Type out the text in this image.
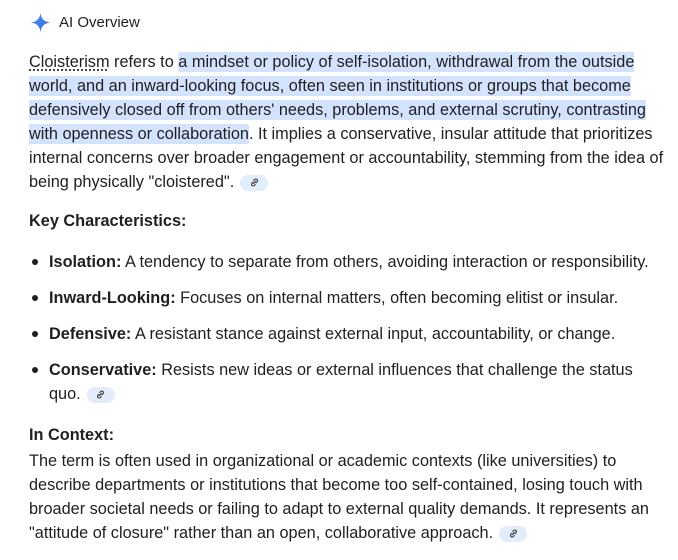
AI Overview

Cloisterism refers to a mindset or policy of self-isolation, withdrawal from the outside world, and an inward-looking focus, often seen in institutions or groups that become defensively closed off from others' needs, problems, and external scrutiny, contrasting with openness or collaboration. It implies a conservative, insular attitude that prioritizes internal concerns over broader engagement or accountability, stemming from the idea of being physically "cloistered".

Key Characteristics:

Isolation: A tendency to separate from others, avoiding interaction or responsibility.
Inward-Looking: Focuses on internal matters, often becoming elitist or insular.
Defensive: A resistant stance against external input, accountability, or change.
Conservative: Resists new ideas or external influences that challenge the status quo.

In Context:

The term is often used in organizational or academic contexts (like universities) to describe departments or institutions that become too self-contained, losing touch with broader societal needs or failing to adapt to external quality demands. It represents an "attitude of closure" rather than an open, collaborative approach.
